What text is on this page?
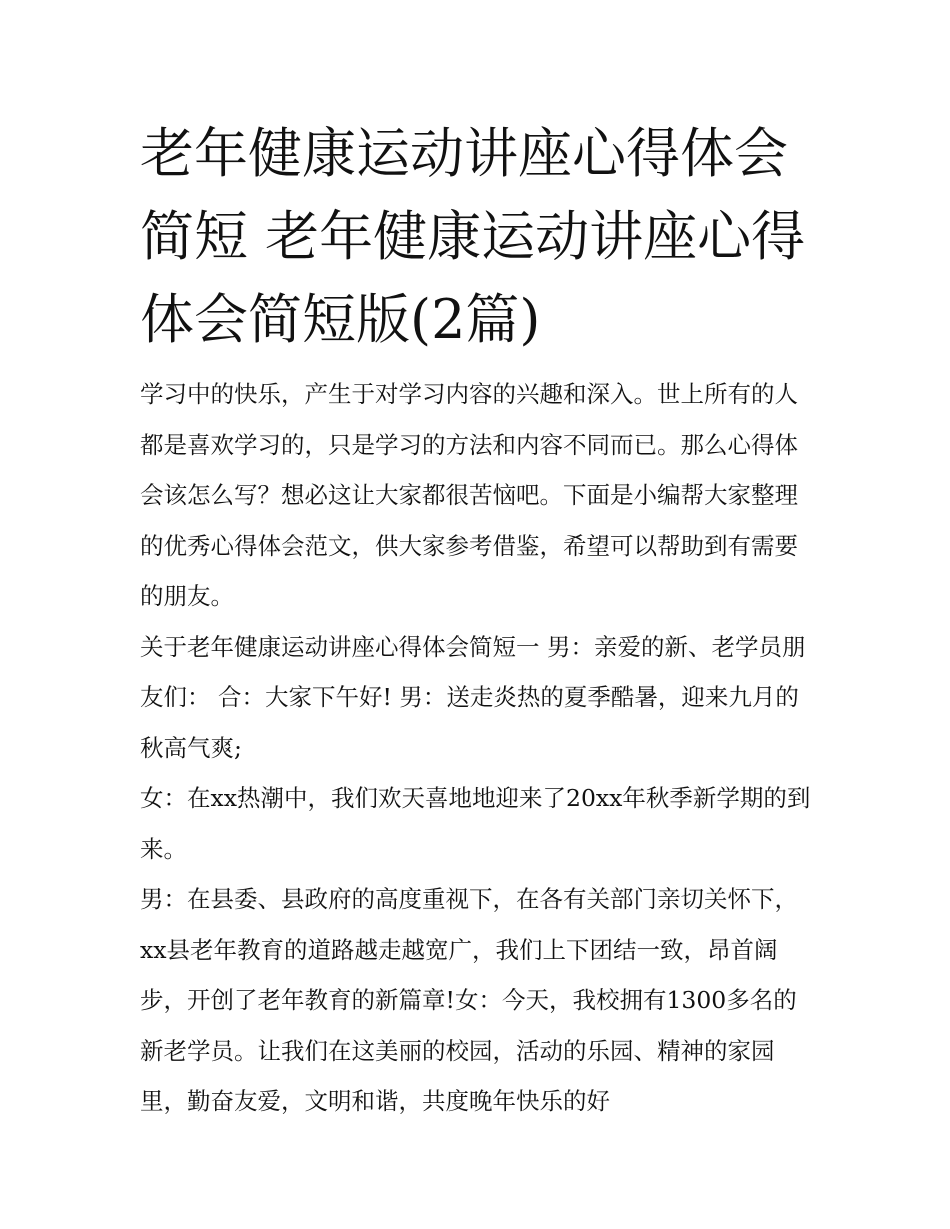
老年健康运动讲座心得体会简短 老年健康运动讲座心得体会简短版(2篇)

学习中的快乐，产生于对学习内容的兴趣和深入。世上所有的人都是喜欢学习的，只是学习的方法和内容不同而已。那么心得体会该怎么写？想必这让大家都很苦恼吧。下面是小编帮大家整理的优秀心得体会范文，供大家参考借鉴，希望可以帮助到有需要的朋友。

关于老年健康运动讲座心得体会简短一 男：亲爱的新、老学员朋友们： 合：大家下午好! 男：送走炎热的夏季酷暑，迎来九月的秋高气爽;

女：在xx热潮中，我们欢天喜地地迎来了20xx年秋季新学期的到来。

男：在县委、县政府的高度重视下，在各有关部门亲切关怀下，xx县老年教育的道路越走越宽广，我们上下团结一致，昂首阔步，开创了老年教育的新篇章!女：今天，我校拥有1300多名的新老学员。让我们在这美丽的校园，活动的乐园、精神的家园里，勤奋友爱，文明和谐，共度晚年快乐的好
